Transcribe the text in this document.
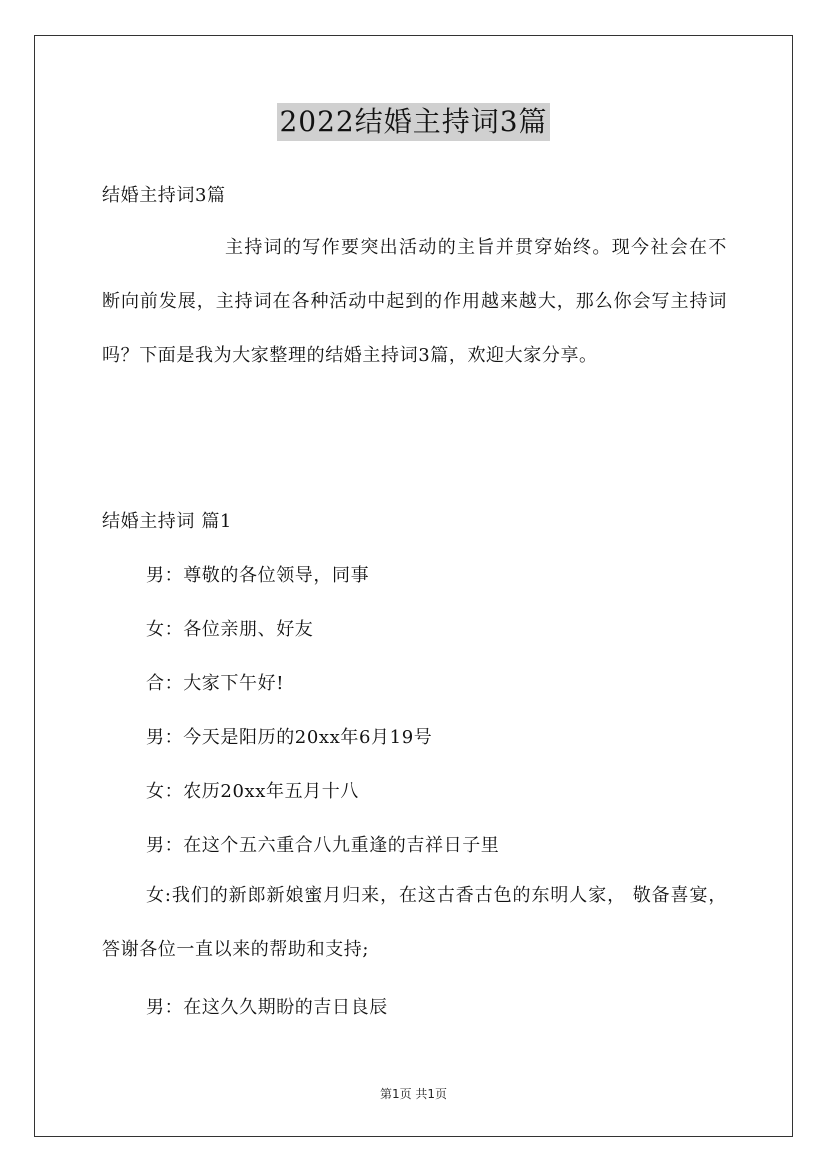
2022结婚主持词3篇
结婚主持词3篇
主持词的写作要突出活动的主旨并贯穿始终。现今社会在不断向前发展，主持词在各种活动中起到的作用越来越大，那么你会写主持词吗？下面是我为大家整理的结婚主持词3篇，欢迎大家分享。
结婚主持词 篇1
男：尊敬的各位领导，同事
女：各位亲朋、好友
合：大家下午好!
男：今天是阳历的20xx年6月19号
女：农历20xx年五月十八
男：在这个五六重合八九重逢的吉祥日子里
女:我们的新郎新娘蜜月归来，在这古香古色的东明人家， 敬备喜宴，答谢各位一直以来的帮助和支持;
男：在这久久期盼的吉日良辰
第1页 共1页
